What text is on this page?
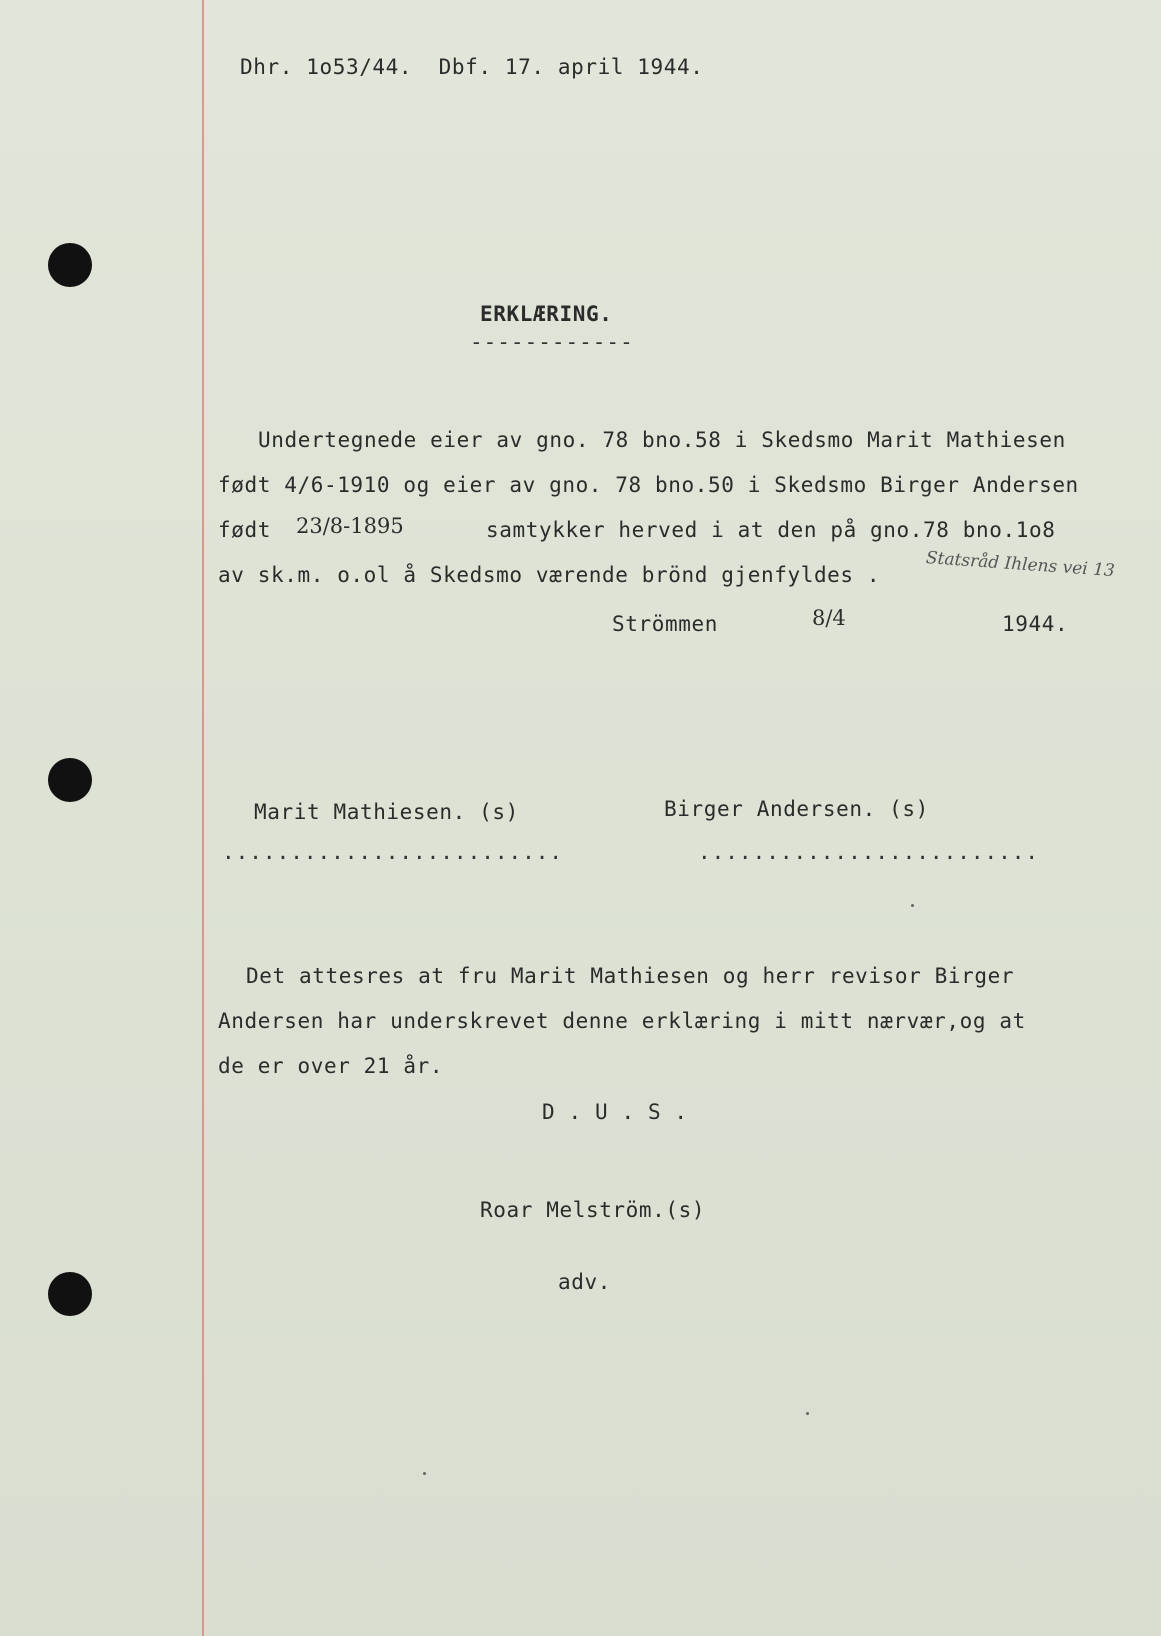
Dhr. 1o53/44.  Dbf. 17. april 1944.
ERKLÆRING.
------------
Undertegnede eier av gno. 78 bno.58 i Skedsmo Marit Mathiesen
født 4/6-1910 og eier av gno. 78 bno.50 i Skedsmo Birger Andersen
født 23/8-1895	samtykker herved i at den på gno.78 bno.1o8
av sk.m. o.ol å Skedsmo værende brönd gjenfyldes .	Statsråd Ihlens vei 13
Strömmen	8/4	1944.
Marit Mathiesen. (s)	Birger Andersen. (s)
.........................	.........................
Det attesres at fru Marit Mathiesen og herr revisor Birger
Andersen har underskrevet denne erklæring i mitt nærvær,og at
de er over 21 år.
D . U . S .
Roar Melström.(s)
adv.
